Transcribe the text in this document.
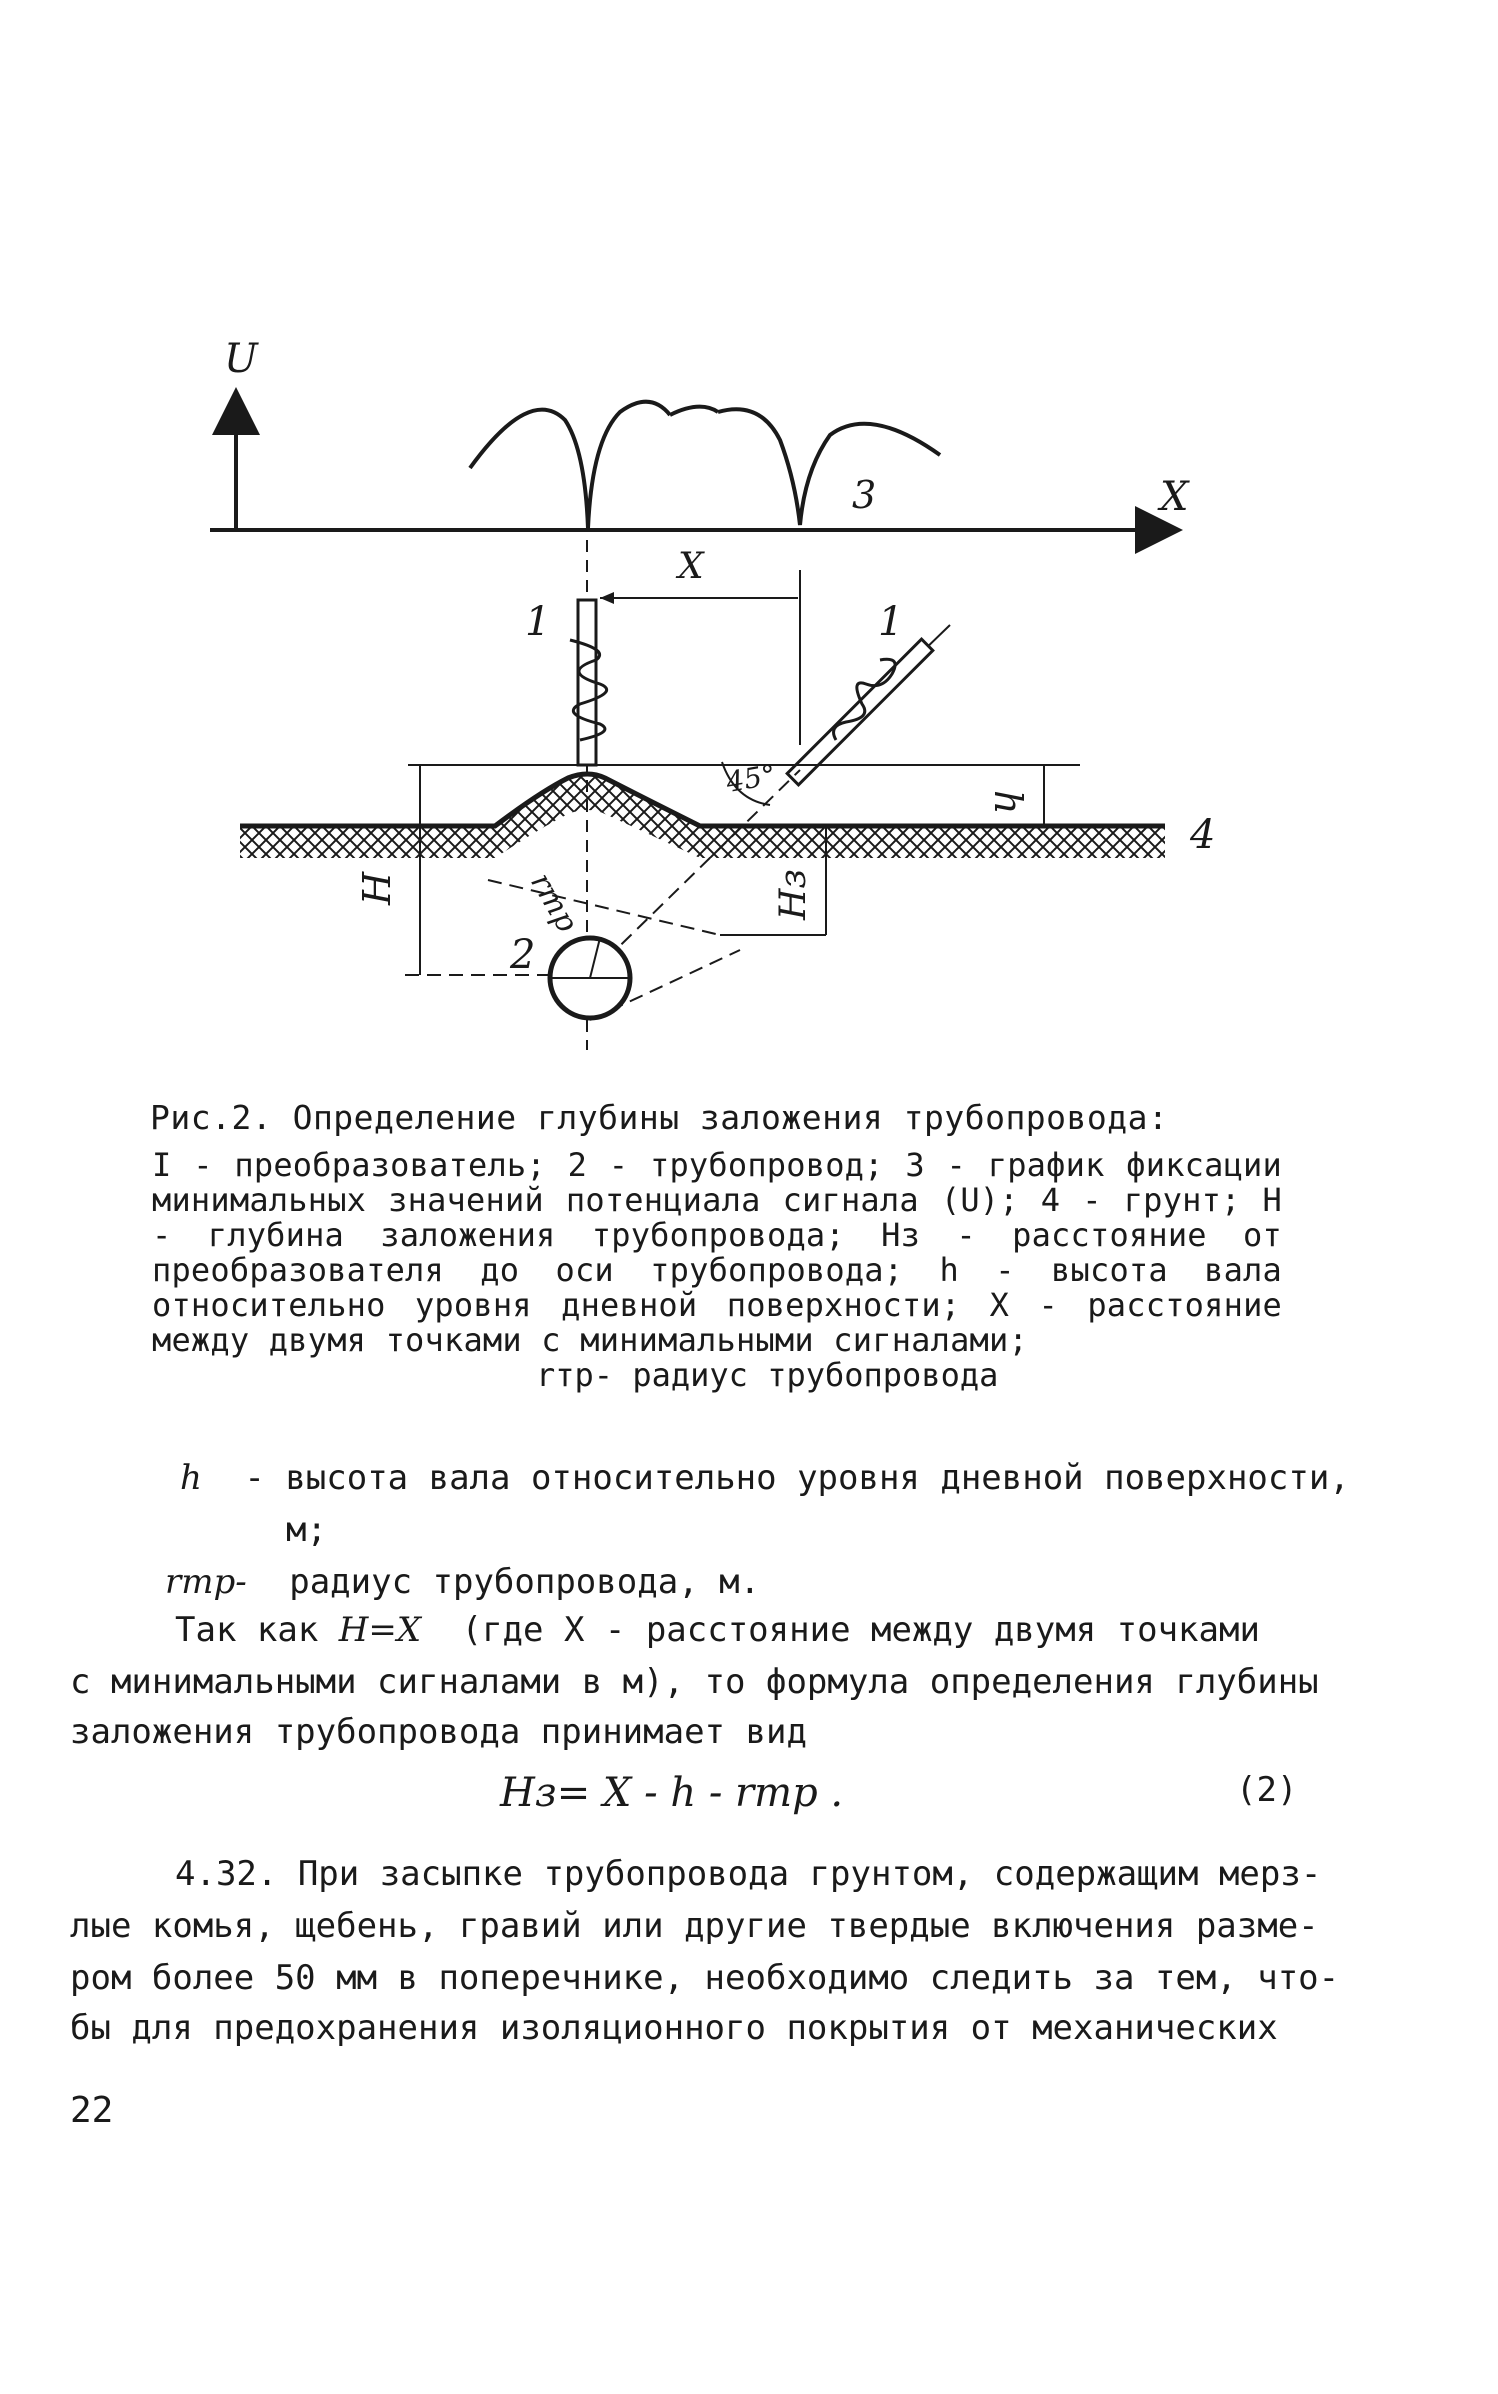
U
X
3
X
1	1
45°
h
4
H	Hз
2
rтр
Рис.2. Определение глубины заложения трубопровода:
I - преобразователь; 2 - трубопровод; 3 - график фиксации минимальных значений потенциала сигнала (U); 4 - грунт; H - глубина заложения трубопровода; Hз - расстояние от преобразователя до оси трубопровода; h - высота вала относительно уровня дневной поверхности; X - расстояние между двумя точками с минимальными сигналами;
rтр- радиус трубопровода
h - высота вала относительно уровня дневной поверхности,
м;
rтр- радиус трубопровода, м.
Так как H=X (где X - расстояние между двумя точками
с минимальными сигналами в м), то формула определения глубины
заложения трубопровода принимает вид
Hз= X - h - rтр .	(2)
4.32. При засыпке трубопровода грунтом, содержащим мерз-
лые комья, щебень, гравий или другие твердые включения разме-
ром более 50 мм в поперечнике, необходимо следить за тем, что-
бы для предохранения изоляционного покрытия от механических
22
